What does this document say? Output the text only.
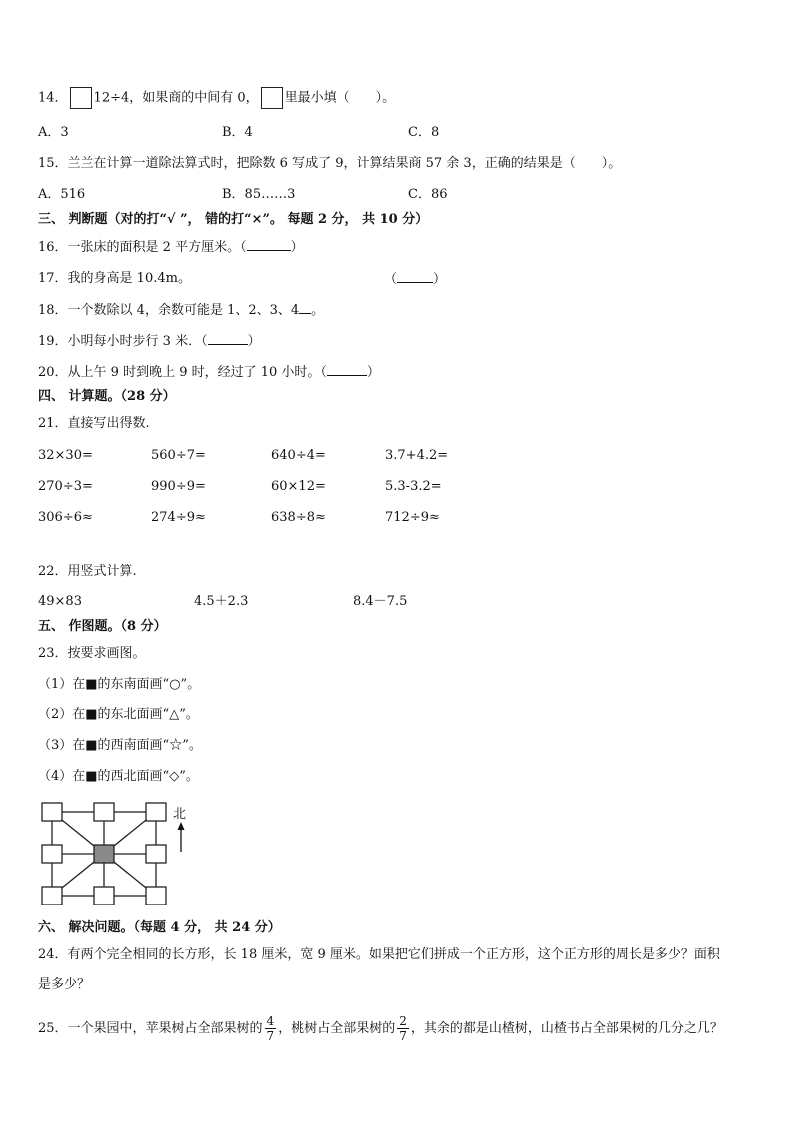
14． 12÷4，如果商的中间有 0， 里最小填（　　）。
A．3	B．4	C．8
15．兰兰在计算一道除法算式时，把除数 6 写成了 9，计算结果商 57 余 3，正确的结果是（　　）。
A．516	B．85……3	C．86
三、 判断题（对的打“√ ”， 错的打“×”。 每题 2 分， 共 10 分）
16．一张床的面积是 2 平方厘米。（	）
17．我的身高是 10.4m。	（	）
18．一个数除以 4，余数可能是 1、2、3、4 。
19．小明每小时步行 3 米．（	）
20．从上午 9 时到晚上 9 时，经过了 10 小时。（	）
四、 计算题。（28 分）
21．直接写出得数.
32×30=	560÷7=	640÷4=	3.7+4.2=
270÷3=	990÷9=	60×12=	5.3-3.2=
306÷6≈	274÷9≈	638÷8≈	712÷9≈
22．用竖式计算.
49×83	4.5＋2.3	8.4－7.5
五、 作图题。（8 分）
23．按要求画图。
（1）在■的东南面画“○”。
（2）在■的东北面画“△”。
（3）在■的西南面画“☆”。
（4）在■的西北面画“◇”。
北
六、 解决问题。（每题 4 分， 共 24 分）
24．有两个完全相同的长方形，长 18 厘米，宽 9 厘米。如果把它们拼成一个正方形，这个正方形的周长是多少？面积
是多少？
25．一个果园中，苹果树占全部果树的 $\frac{4}{7}$ ，桃树占全部果树的 $\frac{2}{7}$ ，其余的都是山楂树，山楂书占全部果树的几分之几？
